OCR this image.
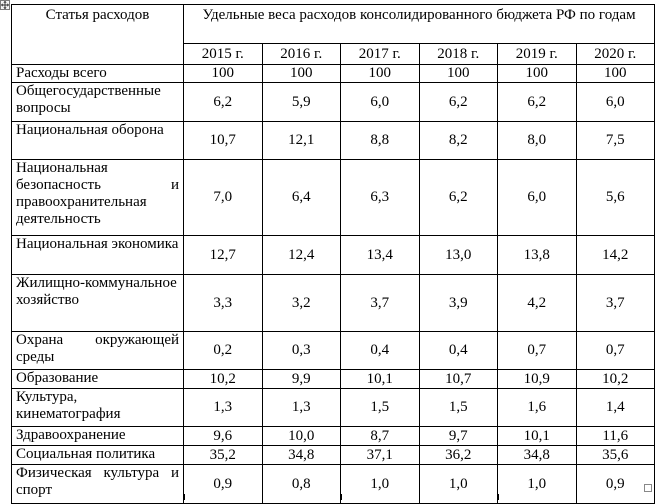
Статья расходов	Удельные веса расходов консолидированного бюджета РФ по годам					
	2015 г.	2016 г.	2017 г.	2018 г.	2019 г.	2020 г.
Расходы всего	100	100	100	100	100	100
Общегосударственные вопросы	6,2	5,9	6,0	6,2	6,2	6,0
Национальная оборона	10,7	12,1	8,8	8,2	8,0	7,5
Национальная безопасность и правоохранительная деятельность	7,0	6,4	6,3	6,2	6,0	5,6
Национальная экономика	12,7	12,4	13,4	13,0	13,8	14,2
Жилищно-коммунальное хозяйство	3,3	3,2	3,7	3,9	4,2	3,7
Охрана окружающей среды	0,2	0,3	0,4	0,4	0,7	0,7
Образование	10,2	9,9	10,1	10,7	10,9	10,2
Культура, кинематография	1,3	1,3	1,5	1,5	1,6	1,4
Здравоохранение	9,6	10,0	8,7	9,7	10,1	11,6
Социальная политика	35,2	34,8	37,1	36,2	34,8	35,6
Физическая культура и спорт	0,9	0,8	1,0	1,0	1,0	0,9
